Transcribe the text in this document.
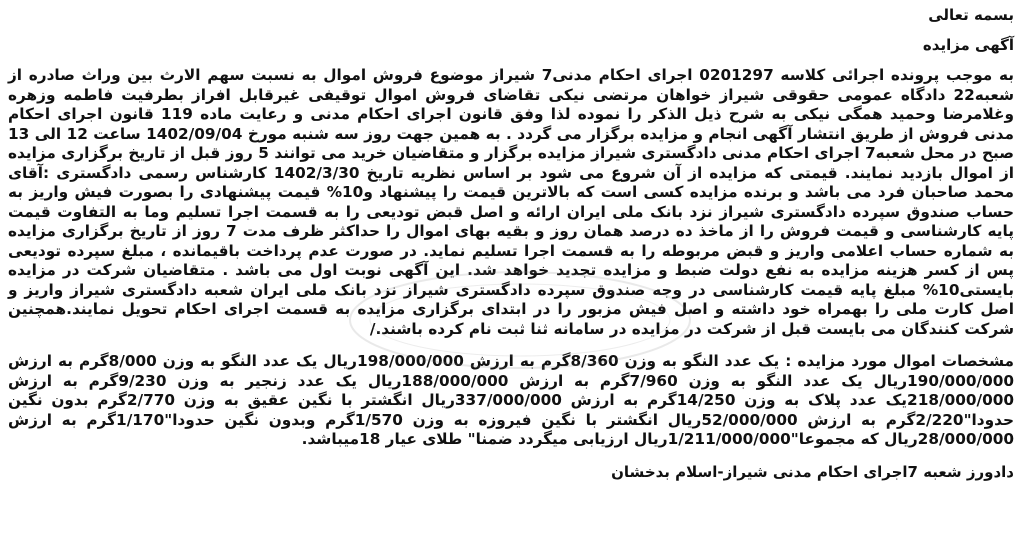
بسمه تعالی

آگهی مزایده

به موجب پرونده اجرائی کلاسه 0201297 اجرای احکام مدنی7 شیراز موضوع فروش اموال به نسبت سهم الارث بین وراث صادره از شعبه22 دادگاه عمومی حقوقی شیراز خواهان مرتضی نیکی تقاضای فروش اموال توقیفی غیرقابل افراز بطرفیت فاطمه وزهره وغلامرضا وحمید همگی نیکی به شرح ذیل الذکر را نموده لذا وفق قانون اجرای احکام مدنی و رعایت ماده 119 قانون اجرای احکام مدنی فروش از طریق انتشار آگهی انجام و مزایده برگزار می گردد . به همین جهت روز سه شنبه مورخ 1402/09/04 ساعت 12 الی 13 صبح در محل شعبه7 اجرای احکام مدنی دادگستری شیراز مزایده برگزار و متقاضیان خرید می توانند 5 روز قبل از تاریخ برگزاری مزایده از اموال بازدید نمایند. قیمتی که مزایده از آن شروع می شود بر اساس نظریه تاریخ 1402/3/30 کارشناس رسمی دادگستری :آقای محمد صاحبان فرد می باشد و برنده مزایده کسی است که بالاترین قیمت را پیشنهاد و10% قیمت پیشنهادی را بصورت فیش واریز به حساب صندوق سپرده دادگستری شیراز نزد بانک ملی ایران ارائه و اصل قبض تودیعی را به قسمت اجرا تسلیم وما به التفاوت قیمت پایه کارشناسی و قیمت فروش را از ماخذ ده درصد همان روز و بقیه بهای اموال را حداکثر ظرف مدت 7 روز از تاریخ برگزاری مزایده به شماره حساب اعلامی واریز و قبض مربوطه را به قسمت اجرا تسلیم نماید. در صورت عدم پرداخت باقیمانده ، مبلغ سپرده تودیعی پس از کسر هزینه مزایده به نفع دولت ضبط و مزایده تجدید خواهد شد. این آگهی نوبت اول می باشد . متقاضیان شرکت در مزایده بایستی10% مبلغ پایه قیمت کارشناسی در وجه صندوق سپرده دادگستری شیراز نزد بانک ملی ایران شعبه دادگستری شیراز واریز و اصل کارت ملی را بهمراه خود داشته و اصل فیش مزبور را در ابتدای برگزاری مزایده به قسمت اجرای احکام تحویل نمایند.همچنین شرکت کنندگان می بایست قبل از شرکت در مزایده در سامانه ثنا ثبت نام کرده باشند./

مشخصات اموال مورد مزایده : یک عدد النگو به وزن 8/360گرم به ارزش 198/000/000ریال یک عدد النگو به وزن 8/000گرم به ارزش 190/000/000ریال یک عدد النگو به وزن 7/960گرم به ارزش 188/000/000ریال یک عدد زنجیر به وزن 9/230گرم به ارزش 218/000/000یک عدد پلاک به وزن 14/250گرم به ارزش 337/000/000ریال انگشتر با نگین عقیق به وزن 2/770گرم بدون نگین حدودا"2/220گرم به ارزش 52/000/000ریال انگشتر با نگین فیروزه به وزن 1/570گرم وبدون نگین حدودا"1/170گرم به ارزش 28/000/000ریال که مجموعا"1/211/000/000ریال ارزیابی میگردد ضمنا" طلای عیار 18میباشد.

دادورز شعبه 7اجرای احکام مدنی شیراز-اسلام بدخشان
